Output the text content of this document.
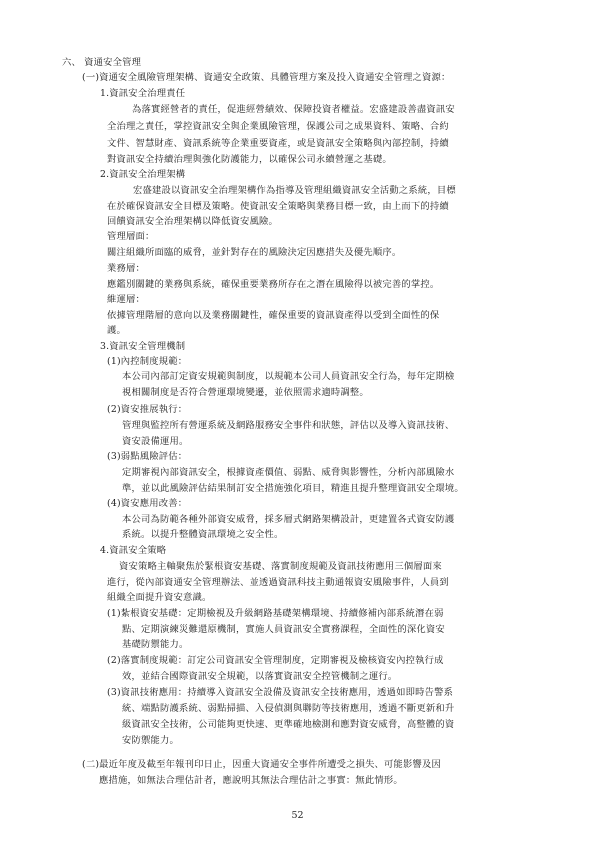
六、 資通安全管理
(一)資通安全風險管理架構、資通安全政策、具體管理方案及投入資通安全管理之資源：
1.資訊安全治理責任
為落實經營者的責任，促進經營績效、保障投資者權益。宏盛建設善盡資訊安
全治理之責任，掌控資訊安全與企業風險管理，保護公司之成果資料、策略、合約
文件、智慧財產、資訊系統等企業重要資產，或是資訊安全策略與內部控制，持續
對資訊安全持續治理與強化防護能力，以確保公司永續營運之基礎。
2.資訊安全治理架構
宏盛建設以資訊安全治理架構作為指導及管理組織資訊安全活動之系統，目標
在於確保資訊安全目標及策略。使資訊安全策略與業務目標一致，由上而下的持續
回饋資訊安全治理架構以降低資安風險。
管理層面：
關注組織所面臨的威脅，並針對存在的風險決定因應措失及優先順序。
業務層：
應鑑別關鍵的業務與系統，確保重要業務所存在之潛在風險得以被完善的掌控。
維運層：
依據管理階層的意向以及業務關鍵性，確保重要的資訊資產得以受到全面性的保
護。
3.資訊安全管理機制
(1)內控制度規範：
本公司內部訂定資安規範與制度，以規範本公司人員資訊安全行為，每年定期檢
視相關制度是否符合營運環境變遷，並依照需求適時調整。
(2)資安推展執行：
管理與監控所有營運系統及網路服務安全事件和狀態，評估以及導入資訊技術、
資安設備運用。
(3)弱點風險評估：
定期審視內部資訊安全，根據資產價值、弱點、威脅與影響性，分析內部風險水
準，並以此風險評估結果制訂安全措施強化項目，精進且提升整理資訊安全環境。
(4)資安應用改善：
本公司為防範各種外部資安威脅，採多層式網路架構設計，更建置各式資安防護
系統。以提升整體資訊環境之安全性。
4.資訊安全策略
資安策略主軸聚焦於緊根資安基礎、落實制度規範及資訊技術應用三個層面來
進行，從內部資通安全管理辦法、並透過資訊科技主動通報資安風險事件，人員到
組織全面提升資安意識。
(1)紮根資安基礎：定期檢視及升級網路基礎架構環境、持續修補內部系統潛在弱
點、定期演練災難還原機制，實施人員資訊安全實務課程，全面性的深化資安
基礎防禦能力。
(2)落實制度規範：訂定公司資訊安全管理制度，定期審視及檢核資安內控執行成
效，並結合國際資訊安全規範，以落實資訊安全控管機制之運行。
(3)資訊技術應用：持續導入資訊安全設備及資訊安全技術應用，透過如即時告警系
統、端點防護系統、弱點掃描、入侵偵測與聯防等技術應用，透過不斷更新和升
級資訊安全技術，公司能夠更快速、更準確地檢測和應對資安威脅，高整體的資
安防禦能力。
(二)最近年度及截至年報刊印日止，因重大資通安全事件所遭受之損失、可能影響及因
應措施，如無法合理估計者，應說明其無法合理估計之事實：無此情形。
52
